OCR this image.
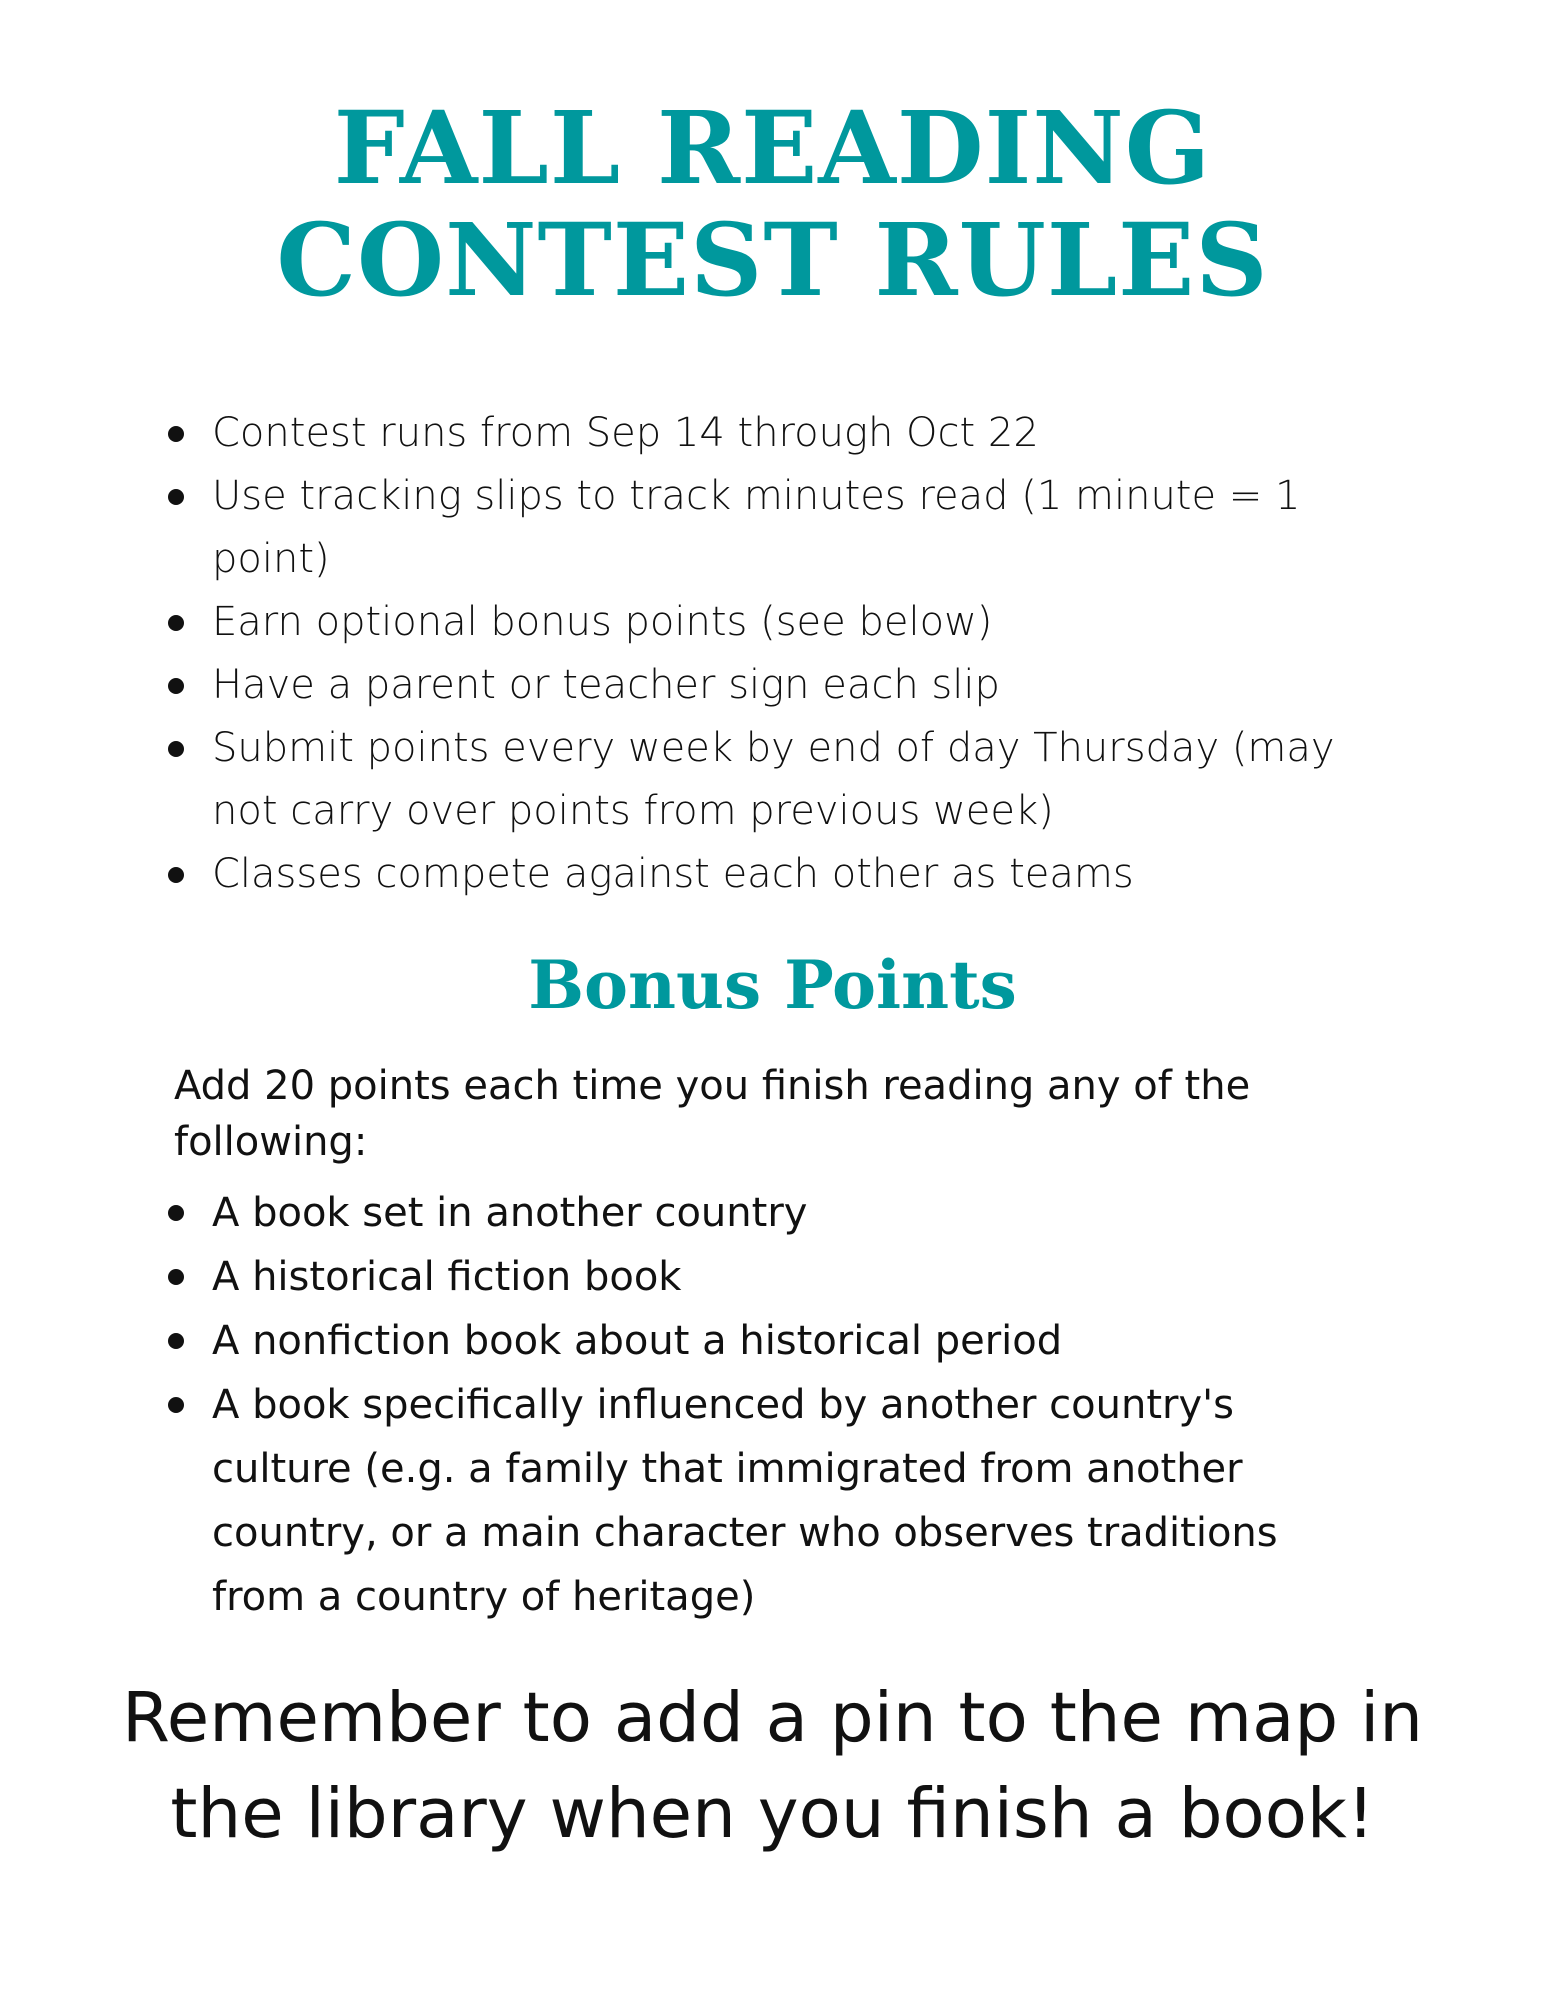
FALL READING
CONTEST RULES
Contest runs from Sep 14 through Oct 22
Use tracking slips to track minutes read (1 minute = 1 point)
Earn optional bonus points (see below)
Have a parent or teacher sign each slip
Submit points every week by end of day Thursday (may not carry over points from previous week)
Classes compete against each other as teams
Bonus Points

Add 20 points each time you finish reading any of the following:

A book set in another country
A historical fiction book
A nonfiction book about a historical period
A book specifically influenced by another country's culture (e.g. a family that immigrated from another country, or a main character who observes traditions from a country of heritage)

Remember to add a pin to the map in
the library when you finish a book!
